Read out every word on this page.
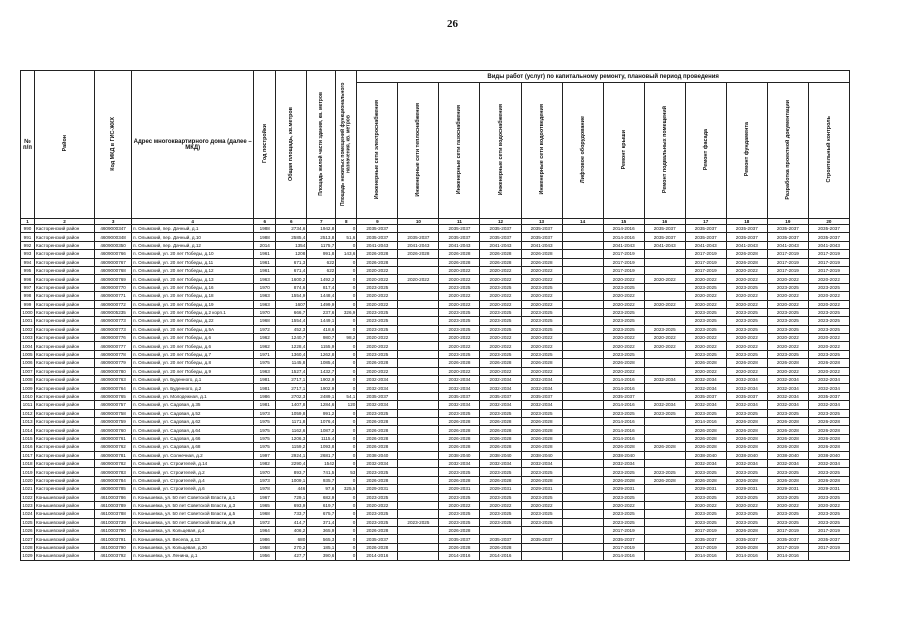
26
№ п/п	Район	Код МКД в ГИС-ЖКХ	Адрес многоквартирного дома (далее – МКД)	Год постройки	Общая площадь, кв.метров	Площадь жилой части здания, кв. метров	Площадь нежилых помещений функционального назначения, кв. метров	Виды работ (услуг) по капитальному ремонту, плановый период проведения											
								Инженерные сети электроснабжения	Инженерные сети теплоснабжения	Инженерные сети газоснабжения	Инженерные сети водоснабжения	Инженерные сети водоотведения	Лифтовое оборудование	Ремонт крыши	Ремонт подвальных помещений	Ремонт фасада	Ремонт фундамента	Разработка проектной документации	Строительный контроль
1	2	3	4	6	6	7	8	9	10	11	12	13	14	15	16	17	18	19	20
990	Касторенский район	4609000347	п. Олымский, пер. Дачный, д.1	1988	2734,6	1942,8	0	2035-2037		2035-2037	2035-2037	2035-2037		2014-2016	2035-2037	2035-2037	2035-2037	2035-2037	2035-2037
991	Касторенский район	4609000348	п. Олымский, пер. Дачный, д.10	1988	2585,4	2513,8	51,6	2035-2037	2035-2037	2035-2037	2035-2037	2035-2037		2014-2016	2035-2037	2035-2037	2035-2037	2035-2037	2035-2037
992	Касторенский район	4609000350	п. Олымский, пер. Дачный, д.12	2014	1354	1175,7	0	2041-2043	2041-2043	2041-2043	2041-2043	2041-2043		2041-2043	2041-2043	2041-2043	2041-2043	2041-2043	2041-2043
993	Касторенский район	4609000766	п. Олымский, ул. 20 лет Победы, д.10	1961	1208	991,8	143,6	2026-2028	2026-2028	2026-2028	2026-2028	2026-2028		2017-2019		2017-2019	2026-2028	2017-2019	2017-2019
994	Касторенский район	4609000767	п. Олымский, ул. 20 лет Победы, д.11	1961	671,3	622	0	2026-2028		2026-2028	2026-2028	2026-2028		2017-2019		2017-2019	2026-2028	2017-2019	2017-2019
995	Касторенский район	4609000768	п. Олымский, ул. 20 лет Победы, д.12	1961	671,4	622	0	2020-2022		2020-2022	2020-2022	2020-2022		2017-2019		2017-2019	2020-2022	2017-2019	2017-2019
996	Касторенский район	4609000769	п. Олымский, ул. 20 лет Победы, д.13	1963	1600,2	1492,2	0	2020-2022	2020-2022	2020-2022	2020-2022	2020-2022		2020-2022	2020-2022	2020-2022	2020-2022	2020-2022	2020-2022
997	Касторенский район	4609000770	п. Олымский, ул. 20 лет Победы, д.16	1970	874,6	817,4	0	2023-2025		2023-2025	2023-2025	2023-2025		2023-2025		2023-2025	2023-2025	2023-2025	2023-2025
998	Касторенский район	4609000771	п. Олымский, ул. 20 лет Победы, д.18	1963	1554,9	1448,4	0	2020-2022		2020-2022	2020-2022	2020-2022		2020-2022		2020-2022	2020-2022	2020-2022	2020-2022
999	Касторенский район	4609000772	п. Олымский, ул. 20 лет Победы, д.19	1963	1607	1499,9	0	2020-2022		2020-2022	2020-2022	2020-2022		2020-2022	2020-2022	2020-2022	2020-2022	2020-2022	2020-2022
1000	Касторенский район	4609005235	п. Олымский, ул. 20 лет Победы, д.2 корп.1	1970	666,7	237,6	326,9	2023-2025		2023-2025	2023-2025	2023-2025		2023-2025		2023-2025	2023-2025	2023-2025	2023-2025
1001	Касторенский район	4609000773	п. Олымский, ул. 20 лет Победы, д.22	1968	1554,4	1449,1	0	2023-2025		2023-2025	2023-2025	2023-2025		2023-2025		2023-2025	2023-2025	2023-2025	2023-2025
1002	Касторенский район	4609000773	п. Олымский, ул. 20 лет Победы, д.5А	1972	452,3	418,6	0	2023-2025		2023-2025	2023-2025	2023-2025		2023-2025	2023-2025	2023-2025	2023-2025	2023-2025	2023-2025
1003	Касторенский район	4609000776	п. Олымский, ул. 20 лет Победы, д.6	1962	1240,7	980,7	98,2	2020-2022		2020-2022	2020-2022	2020-2022		2020-2022	2020-2022	2020-2022	2020-2022	2020-2022	2020-2022
1004	Касторенский район	4609000777	п. Олымский, ул. 20 лет Победы, д.6	1962	1228,4	1155,9	0	2020-2022		2020-2022	2020-2022	2020-2022		2020-2022	2020-2022	2020-2022	2020-2022	2020-2022	2020-2022
1005	Касторенский район	4609000778	п. Олымский, ул. 20 лет Победы, д.7	1971	1360,4	1262,8	0	2023-2025		2023-2025	2023-2025	2023-2025		2023-2025		2023-2025	2023-2025	2023-2025	2023-2025
1006	Касторенский район	4609000779	п. Олымский, ул. 20 лет Победы, д.8	1975	1145,8	1085,4	0	2026-2028		2026-2028	2026-2028	2026-2028		2026-2028		2026-2028	2026-2028	2026-2028	2026-2028
1007	Касторенский район	4609000780	п. Олымский, ул. 20 лет Победы, д.9	1963	1527,4	1432,7	0	2020-2022		2020-2022	2020-2022	2020-2022		2020-2022		2020-2022	2020-2022	2020-2022	2020-2022
1008	Касторенский район	4609000763	п. Олымский, ул. Буденного, д.1	1981	2717,1	1902,9	0	2032-2034		2032-2034	2032-2034	2032-2034		2014-2016	2032-2034	2032-2034	2032-2034	2032-2034	2032-2034
1009	Касторенский район	4609000764	п. Олымский, ул. Буденного, д.2	1981	2717,1	1902,9	0	2032-2034		2032-2034	2032-2034	2032-2034		2014-2016		2032-2034	2032-2034	2032-2034	2032-2034
1010	Касторенский район	4609000765	п. Олымский, ул. Молодежная, д.1	1986	2702,3	2489,1	54,1	2035-2037		2035-2037	2035-2037	2035-2037		2035-2037		2035-2037	2035-2037	2032-2034	2035-2037
1011	Касторенский район	4609000757	п. Олымский, ул. Садовая, д.35	1981	1407,8	1284,6	120	2032-2034		2032-2034	2032-2034	2032-2034		2014-2016	2032-2034	2032-2034	2032-2034	2032-2034	2032-2034
1012	Касторенский район	4609000758	п. Олымский, ул. Садовая, д.52	1973	1059,8	991,2	0	2023-2025		2023-2025	2023-2025	2023-2025		2023-2025	2023-2025	2023-2025	2023-2025	2023-2025	2023-2025
1013	Касторенский район	4609000759	п. Олымский, ул. Садовая, д.62	1975	1171,8	1076,4	0	2026-2028		2026-2028	2026-2028	2026-2028		2014-2016		2014-2016	2026-2028	2026-2028	2026-2028
1014	Касторенский район	4609000760	п. Олымский, ул. Садовая, д.64	1975	1162,6	1087,2	0	2026-2028		2026-2028	2026-2028	2026-2028		2014-2016		2026-2028	2026-2028	2026-2028	2026-2028
1015	Касторенский район	4609000761	п. Олымский, ул. Садовая, д.66	1975	1206,3	1115,4	0	2026-2028		2026-2028	2026-2028	2026-2028		2014-2016		2026-2028	2026-2028	2026-2028	2026-2028
1016	Касторенский район	4609000762	п. Олымский, ул. Садовая, д.68	1975	1159,2	1093,8	0	2026-2028		2026-2028	2026-2028	2026-2028		2026-2028	2026-2028	2026-2028	2026-2028	2026-2028	2026-2028
1017	Касторенский район	4609000781	п. Олымский, ул. Солнечная, д.2	1997	2924,1	2681,7	0	2038-2040		2038-2040	2038-2040	2038-2040		2038-2040		2038-2040	2038-2040	2038-2040	2038-2040
1018	Касторенский район	4609000782	п. Олымский, ул. Строителей, д.14	1982	2290,4	1542	0	2032-2034		2032-2034	2032-2034	2032-2034		2032-2034		2032-2034	2032-2034	2032-2034	2032-2034
1019	Касторенский район	4609000783	п. Олымский, ул. Строителей, д.2	1970	893,7	741,5	53	2023-2025		2023-2025	2023-2025	2023-2025		2023-2025	2023-2025	2023-2025	2023-2025	2023-2025	2023-2025
1020	Касторенский район	4609000784	п. Олымский, ул. Строителей, д.4	1973	1009,1	935,7	0	2026-2028		2026-2028	2026-2028	2026-2028		2026-2028	2026-2028	2026-2028	2026-2028	2026-2028	2026-2028
1021	Касторенский район	4609000785	п. Олымский, ул. Строителей, д.6	1978	446	97,6	325,5	2029-2031		2029-2031	2029-2031	2029-2031		2029-2031		2029-2031	2029-2031	2029-2031	2029-2031
1022	Конышевский район	4610003786	п. Конышевка, ул. 50 лет Советской Власти, д.1	1967	729,1	682,9	0	2023-2025		2023-2025	2023-2025	2023-2025		2023-2025		2023-2025	2023-2025	2023-2025	2023-2025
1023	Конышевский район	4610003789	п. Конышевка, ул. 50 лет Советской Власти, д.3	1965	693,9	619,7	0	2020-2022		2020-2022	2020-2022	2020-2022		2020-2022		2020-2022	2020-2022	2020-2022	2020-2022
1024	Конышевский район	4610003788	п. Конышевка, ул. 50 лет Советской Власти, д.5	1968	733,7	675,7	0	2023-2025		2023-2025	2023-2025	2023-2025		2023-2025		2023-2025	2023-2025	2023-2025	2023-2025
1025	Конышевский район	4610003739	п. Конышевка, ул. 50 лет Советской Власти, д.9	1972	414,7	371,4	0	2023-2025	2023-2025	2023-2025	2023-2025	2023-2025		2023-2025		2023-2025	2023-2025	2023-2025	2023-2025
1026	Конышевский район	4610003790	п. Конышевка, ул. Кольцевая, д.4	1964	406,2	365,9	0	2026-2028		2026-2028				2017-2019		2017-2019	2026-2028	2017-2019	2017-2019
1027	Конышевский район	4610003791	п. Конышевка, ул. Весела, д.13	1986	680	565,3	0	2035-2037		2035-2037	2035-2037	2035-2037		2035-2037		2035-2037	2035-2037	2035-2037	2035-2037
1028	Конышевский район	4610003790	п. Конышевка, ул. Кольцевая, д.20	1958	270,2	185,1	0	2026-2028		2026-2028	2026-2028			2017-2019		2017-2019	2026-2028	2017-2019	2017-2019
1029	Конышевский район	4610003792	п. Конышевка, ул. Ленина, д.1	1956	427,7	390,6	0	2014-2016		2014-2016	2014-2016			2014-2016		2014-2016	2014-2016	2014-2016	
